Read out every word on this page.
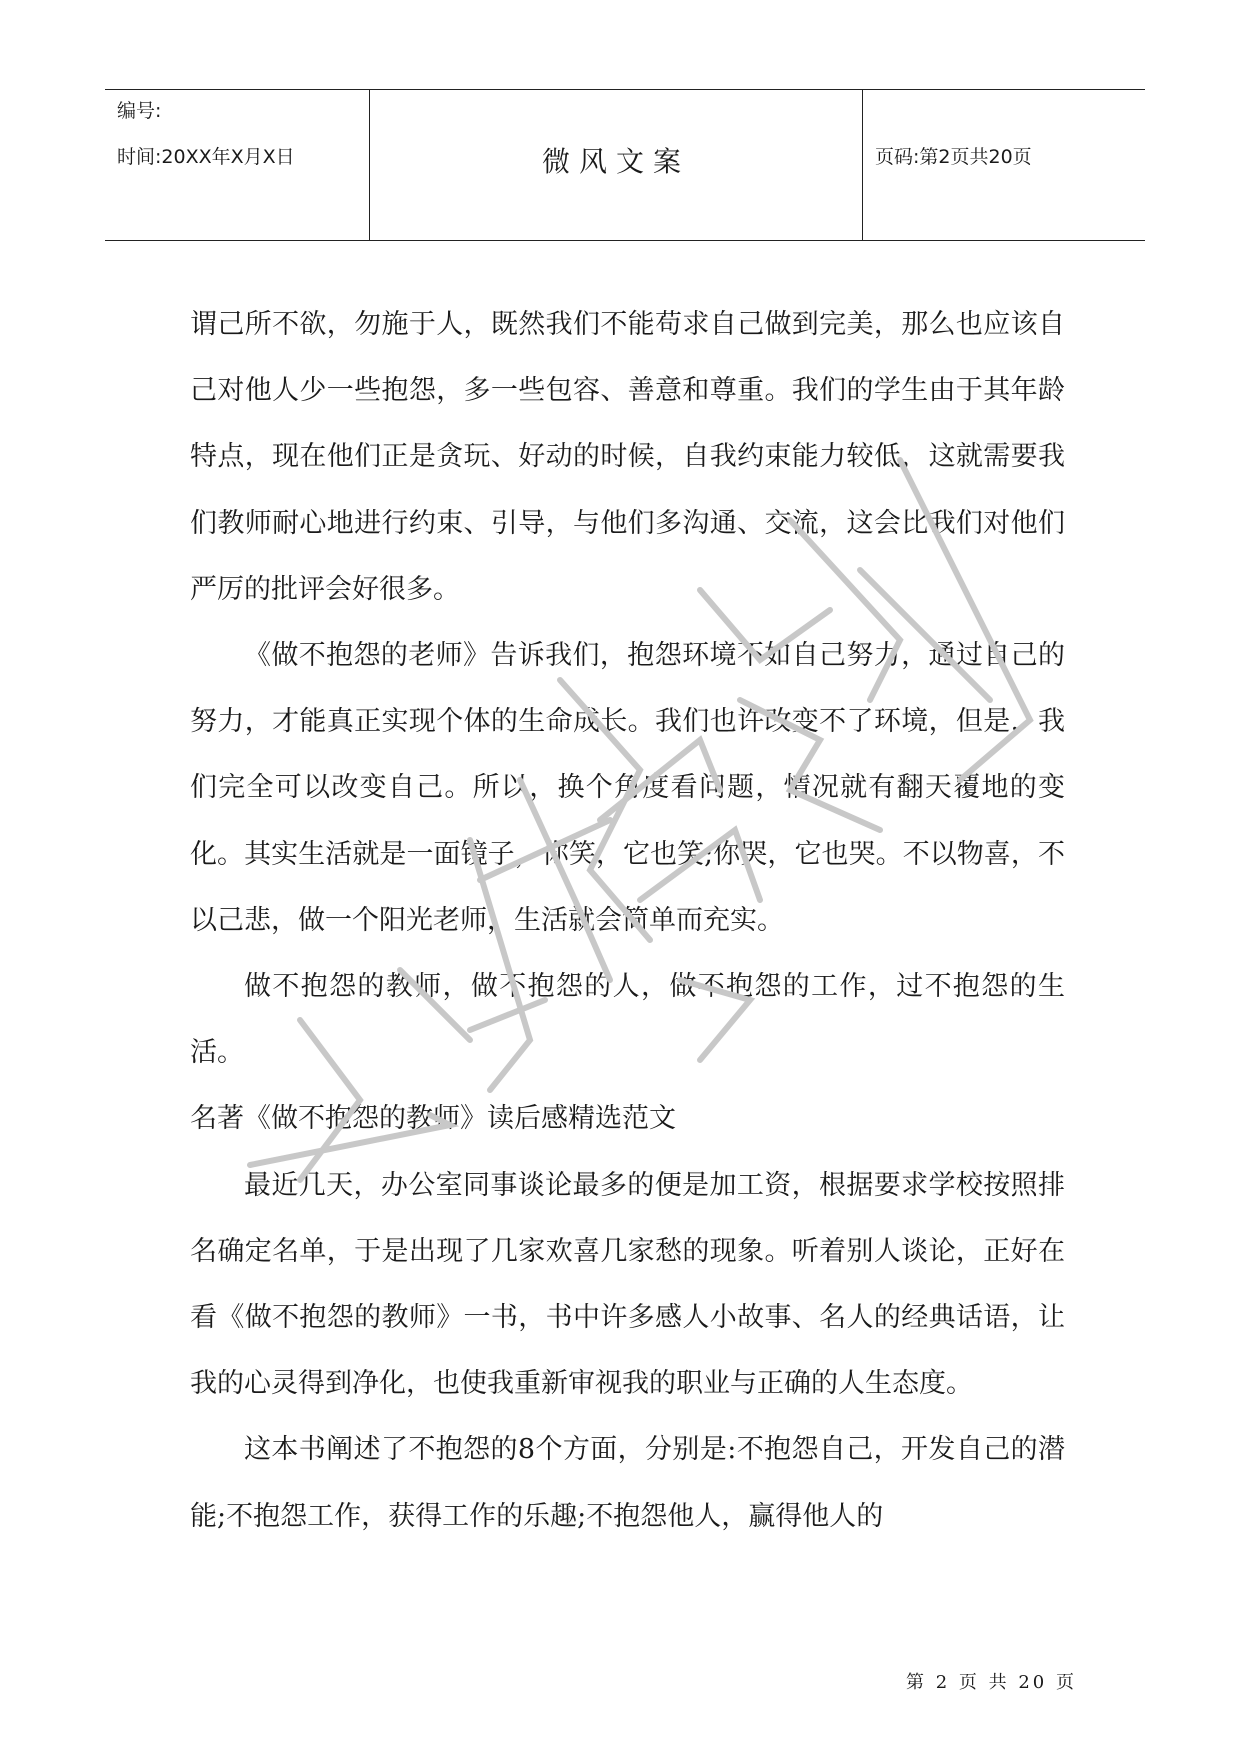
编号:
时间:20XX年X月X日	微风文案	页码:第2页共20页

谓己所不欲，勿施于人，既然我们不能苟求自己做到完美，那么也应该自己对他人少一些抱怨，多一些包容、善意和尊重。我们的学生由于其年龄特点，现在他们正是贪玩、好动的时候，自我约束能力较低，这就需要我们教师耐心地进行约束、引导，与他们多沟通、交流，这会比我们对他们严厉的批评会好很多。

《做不抱怨的老师》告诉我们，抱怨环境不如自己努力，通过自己的努力，才能真正实现个体的生命成长。我们也许改变不了环境，但是，我们完全可以改变自己。所以，换个角度看问题，情况就有翻天覆地的变化。其实生活就是一面镜子，你笑，它也笑;你哭，它也哭。不以物喜，不以己悲，做一个阳光老师，生活就会简单而充实。

做不抱怨的教师，做不抱怨的人，做不抱怨的工作，过不抱怨的生活。

名著《做不抱怨的教师》读后感精选范文

最近几天，办公室同事谈论最多的便是加工资，根据要求学校按照排名确定名单，于是出现了几家欢喜几家愁的现象。听着别人谈论，正好在看《做不抱怨的教师》一书，书中许多感人小故事、名人的经典话语，让我的心灵得到净化，也使我重新审视我的职业与正确的人生态度。

这本书阐述了不抱怨的8个方面，分别是:不抱怨自己，开发自己的潜能;不抱怨工作，获得工作的乐趣;不抱怨他人，赢得他人的

第 2 页 共 20 页
